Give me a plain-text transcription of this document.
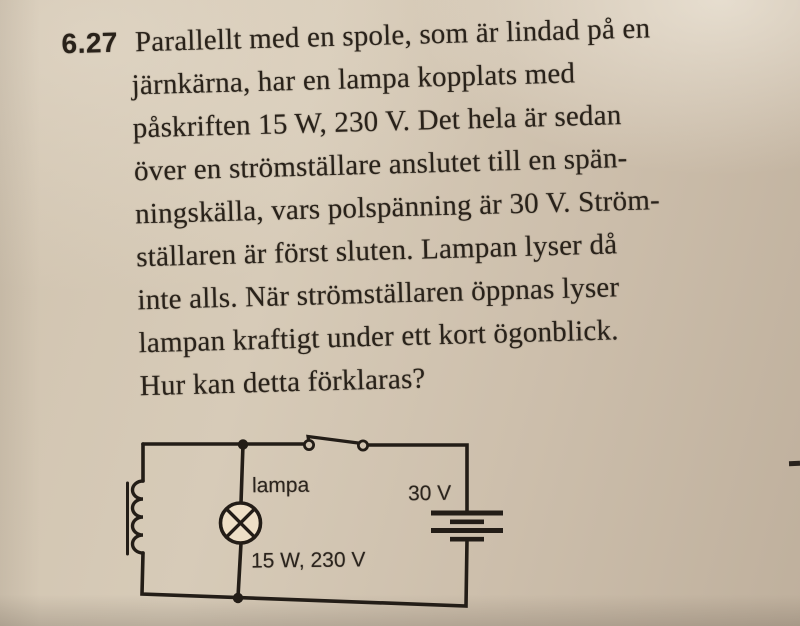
6.27 Parallellt med en spole, som är lindad på en
järnkärna, har en lampa kopplats med
påskriften 15 W, 230 V. Det hela är sedan
över en strömställare anslutet till en spän-
ningskälla, vars polspänning är 30 V. Ström-
ställaren är först sluten. Lampan lyser då
inte alls. När strömställaren öppnas lyser
lampan kraftigt under ett kort ögonblick.
Hur kan detta förklaras?
lampa	30 V
15 W, 230 V
